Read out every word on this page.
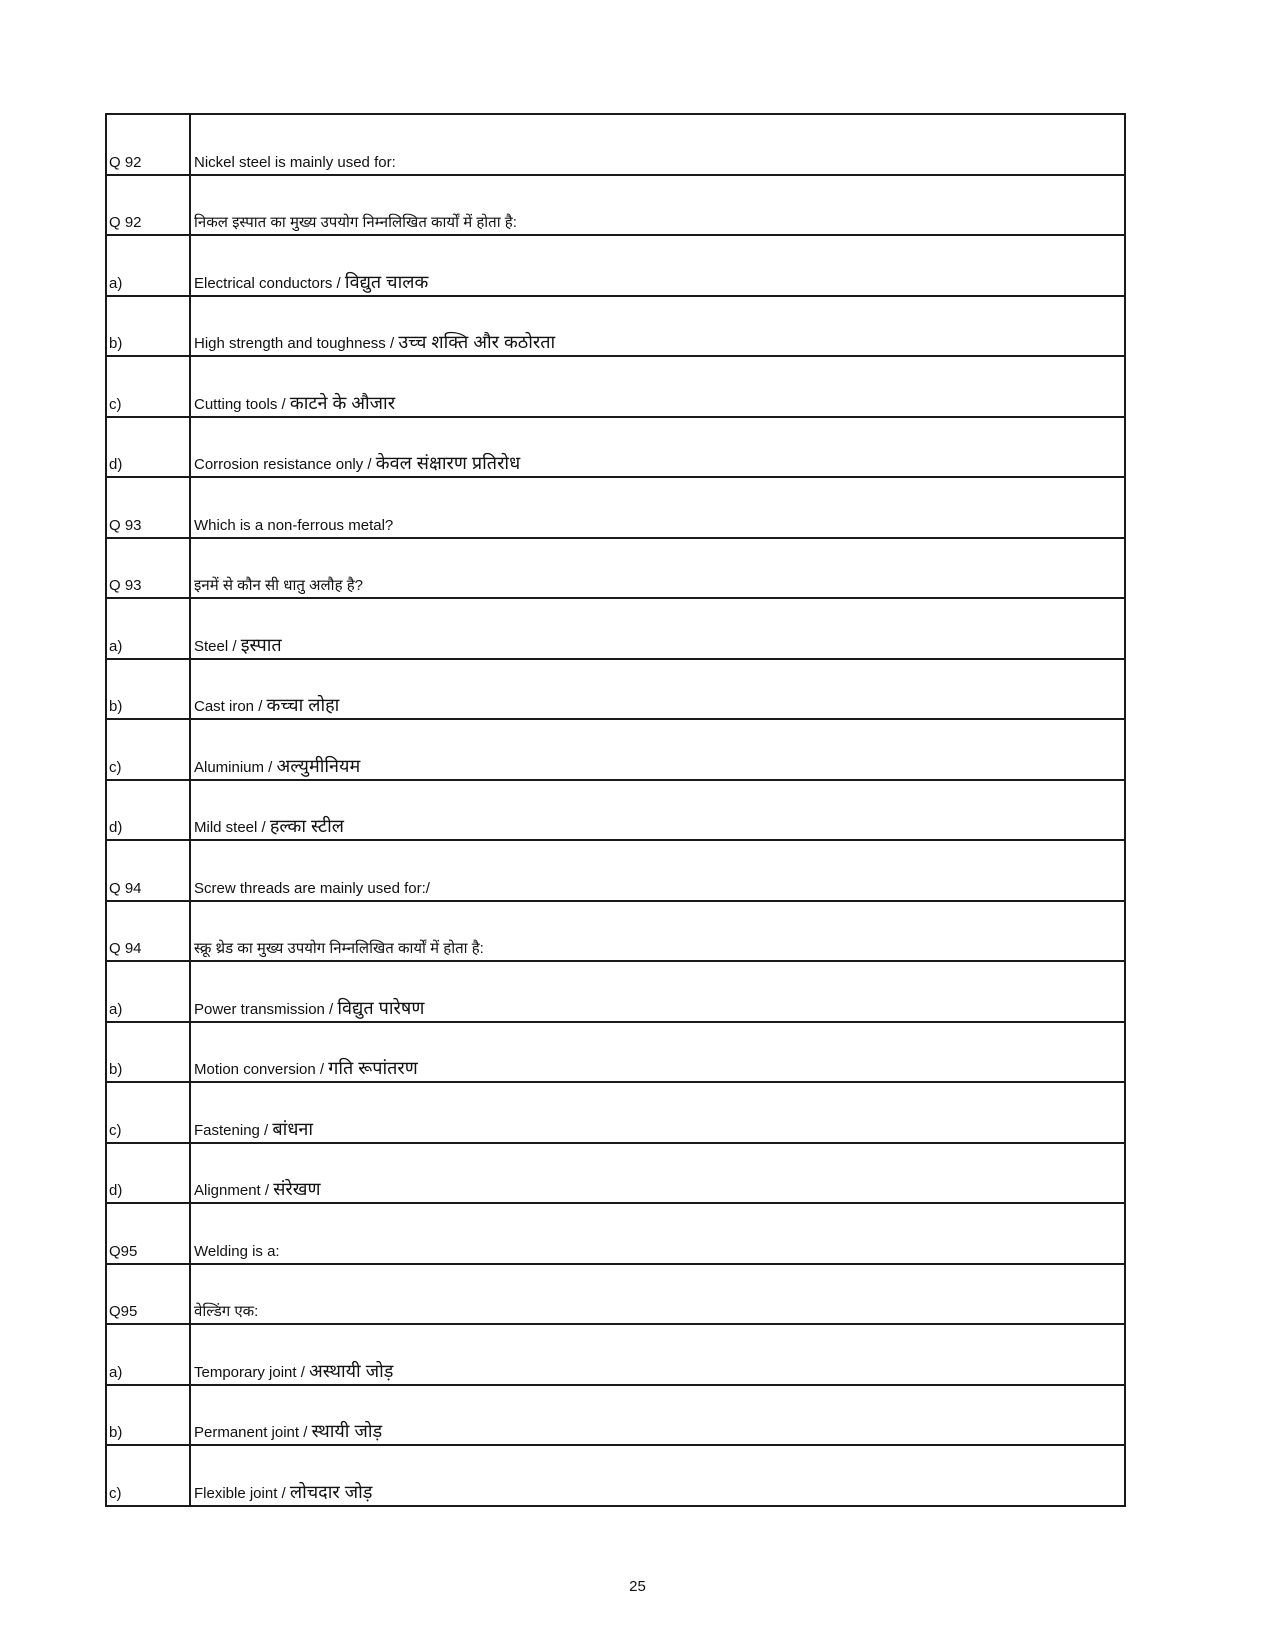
Q 92	Nickel steel is mainly used for:
Q 92	निकल इस्पात का मुख्य उपयोग निम्नलिखित कार्यों में होता है:
a)	Electrical conductors / विद्युत चालक
b)	High strength and toughness / उच्च शक्ति और कठोरता
c)	Cutting tools / काटने के औजार
d)	Corrosion resistance only / केवल संक्षारण प्रतिरोध
Q 93	Which is a non-ferrous metal?
Q 93	इनमें से कौन सी धातु अलौह है?
a)	Steel / इस्पात
b)	Cast iron / कच्चा लोहा
c)	Aluminium / अल्युमीनियम
d)	Mild steel / हल्का स्टील
Q 94	Screw threads are mainly used for:/
Q 94	स्क्रू थ्रेड का मुख्य उपयोग निम्नलिखित कार्यों में होता है:
a)	Power transmission / विद्युत पारेषण
b)	Motion conversion / गति रूपांतरण
c)	Fastening / बांधना
d)	Alignment / संरेखण
Q95	Welding is a:
Q95	वेल्डिंग एक:
a)	Temporary joint / अस्थायी जोड़
b)	Permanent joint / स्थायी जोड़
c)	Flexible joint / लोचदार जोड़
25
